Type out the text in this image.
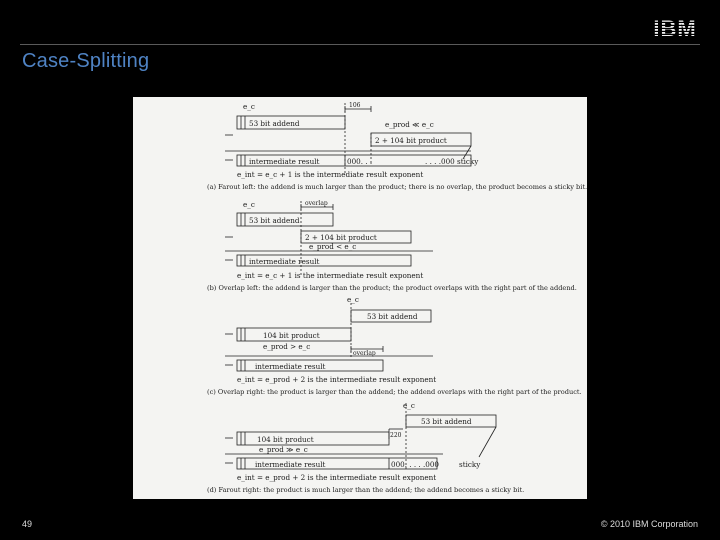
IBM
Case-Splitting
e_c	106
53 bit addend	e_prod ≪ e_c
2 + 104 bit product
intermediate result	000. . .	. . . .000 sticky
e_int = e_c + 1 is the intermediate result exponent
(a) Farout left: the addend is much larger than the product; there is no overlap, the product becomes a sticky bit.
e_c	overlap
53 bit addend
2 + 104 bit product
e_prod < e_c
intermediate result
e_int = e_c + 1 is the intermediate result exponent
(b) Overlap left: the addend is larger than the product; the product overlaps with the right part of the addend.
e_c
53 bit addend
104 bit product
e_prod > e_c
overlap
intermediate result
e_int = e_prod + 2 is the intermediate result exponent
(c) Overlap right: the product is larger than the addend; the addend overlaps with the right part of the product.
e_c
53 bit addend
220
104 bit product
e_prod ≫ e_c
intermediate result	000. . . . .000	sticky
e_int = e_prod + 2 is the intermediate result exponent
(d) Farout right: the product is much larger than the addend; the addend becomes a sticky bit.
49	© 2010 IBM Corporation
